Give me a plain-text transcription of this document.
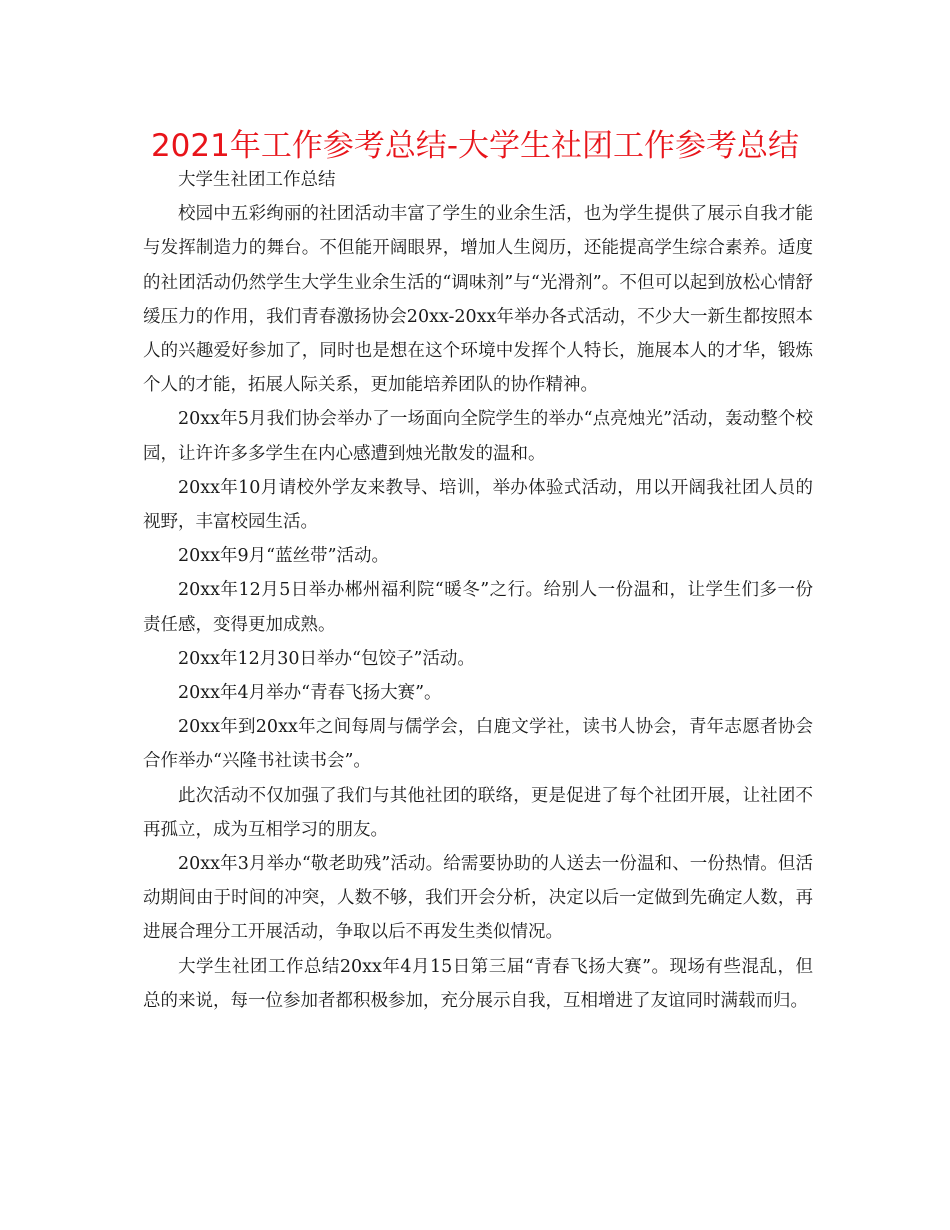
2021年工作参考总结-大学生社团工作参考总结

大学生社团工作总结

校园中五彩绚丽的社团活动丰富了学生的业余生活，也为学生提供了展示自我才能与发挥制造力的舞台。不但能开阔眼界，增加人生阅历，还能提高学生综合素养。适度的社团活动仍然学生大学生业余生活的“调味剂”与“光滑剂”。不但可以起到放松心情舒缓压力的作用，我们青春激扬协会20xx-20xx年举办各式活动，不少大一新生都按照本人的兴趣爱好参加了，同时也是想在这个环境中发挥个人特长，施展本人的才华，锻炼个人的才能，拓展人际关系，更加能培养团队的协作精神。

20xx年5月我们协会举办了一场面向全院学生的举办“点亮烛光”活动，轰动整个校园，让许许多多学生在内心感遭到烛光散发的温和。

20xx年10月请校外学友来教导、培训，举办体验式活动，用以开阔我社团人员的视野，丰富校园生活。

20xx年9月“蓝丝带”活动。

20xx年12月5日举办郴州福利院“暖冬”之行。给别人一份温和，让学生们多一份责任感，变得更加成熟。

20xx年12月30日举办“包饺子”活动。

20xx年4月举办“青春飞扬大赛”。

20xx年到20xx年之间每周与儒学会，白鹿文学社，读书人协会，青年志愿者协会合作举办“兴隆书社读书会”。

此次活动不仅加强了我们与其他社团的联络，更是促进了每个社团开展，让社团不再孤立，成为互相学习的朋友。

20xx年3月举办“敬老助残”活动。给需要协助的人送去一份温和、一份热情。但活动期间由于时间的冲突，人数不够，我们开会分析，决定以后一定做到先确定人数，再进展合理分工开展活动，争取以后不再发生类似情况。

大学生社团工作总结20xx年4月15日第三届“青春飞扬大赛”。现场有些混乱，但总的来说，每一位参加者都积极参加，充分展示自我，互相增进了友谊同时满载而归。
